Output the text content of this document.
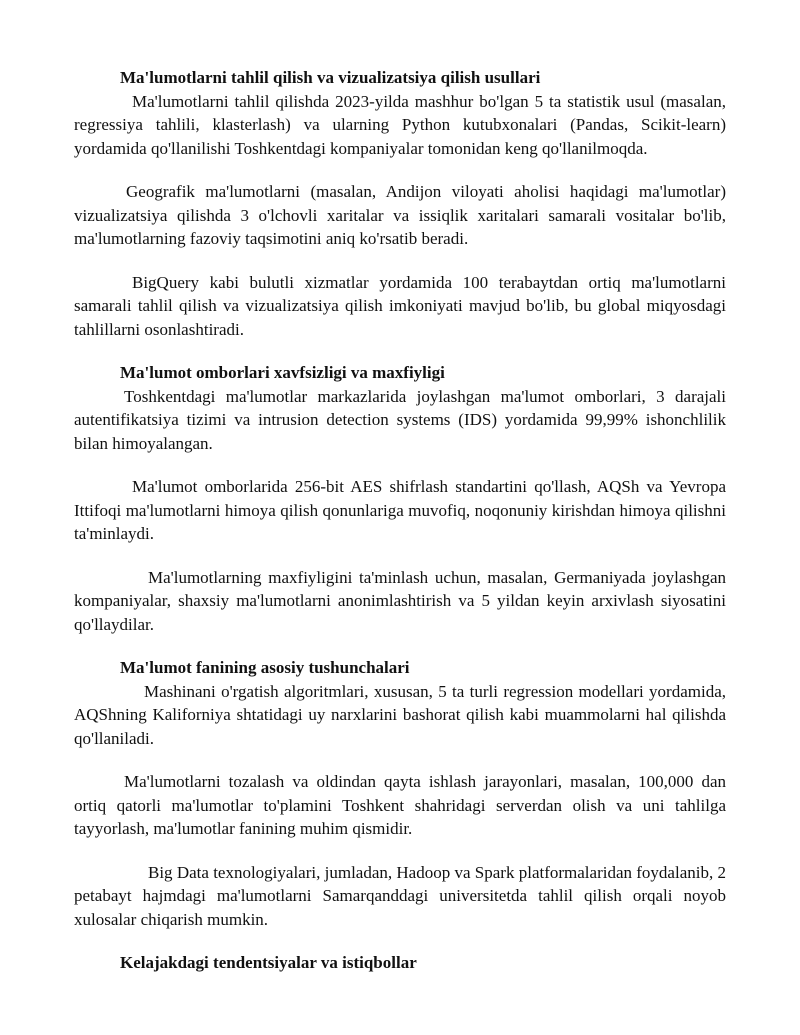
Ma'lumotlarni tahlil qilish va vizualizatsiya qilish usullari

Ma'lumotlarni tahlil qilishda 2023-yilda mashhur bo'lgan 5 ta statistik usul (masalan, regressiya tahlili, klasterlash) va ularning Python kutubxonalari (Pandas, Scikit-learn) yordamida qo'llanilishi Toshkentdagi kompaniyalar tomonidan keng qo'llanilmoqda.

Geografik ma'lumotlarni (masalan, Andijon viloyati aholisi haqidagi ma'lumotlar) vizualizatsiya qilishda 3 o'lchovli xaritalar va issiqlik xaritalari samarali vositalar bo'lib, ma'lumotlarning fazoviy taqsimotini aniq ko'rsatib beradi.

BigQuery kabi bulutli xizmatlar yordamida 100 terabaytdan ortiq ma'lumotlarni samarali tahlil qilish va vizualizatsiya qilish imkoniyati mavjud bo'lib, bu global miqyosdagi tahlillarni osonlashtiradi.

Ma'lumot omborlari xavfsizligi va maxfiyligi

Toshkentdagi ma'lumotlar markazlarida joylashgan ma'lumot omborlari, 3 darajali autentifikatsiya tizimi va intrusion detection systems (IDS) yordamida 99,99% ishonchlilik bilan himoyalangan.

Ma'lumot omborlarida 256-bit AES shifrlash standartini qo'llash, AQSh va Yevropa Ittifoqi ma'lumotlarni himoya qilish qonunlariga muvofiq, noqonuniy kirishdan himoya qilishni ta'minlaydi.

Ma'lumotlarning maxfiyligini ta'minlash uchun, masalan, Germaniyada joylashgan kompaniyalar, shaxsiy ma'lumotlarni anonimlashtirish va 5 yildan keyin arxivlash siyosatini qo'llaydilar.

Ma'lumot fanining asosiy tushunchalari

Mashinani o'rgatish algoritmlari, xususan, 5 ta turli regression modellari yordamida, AQShning Kaliforniya shtatidagi uy narxlarini bashorat qilish kabi muammolarni hal qilishda qo'llaniladi.

Ma'lumotlarni tozalash va oldindan qayta ishlash jarayonlari, masalan, 100,000 dan ortiq qatorli ma'lumotlar to'plamini Toshkent shahridagi serverdan olish va uni tahlilga tayyorlash, ma'lumotlar fanining muhim qismidir.

Big Data texnologiyalari, jumladan, Hadoop va Spark platformalaridan foydalanib, 2 petabayt hajmdagi ma'lumotlarni Samarqanddagi universitetda tahlil qilish orqali noyob xulosalar chiqarish mumkin.

Kelajakdagi tendentsiyalar va istiqbollar
